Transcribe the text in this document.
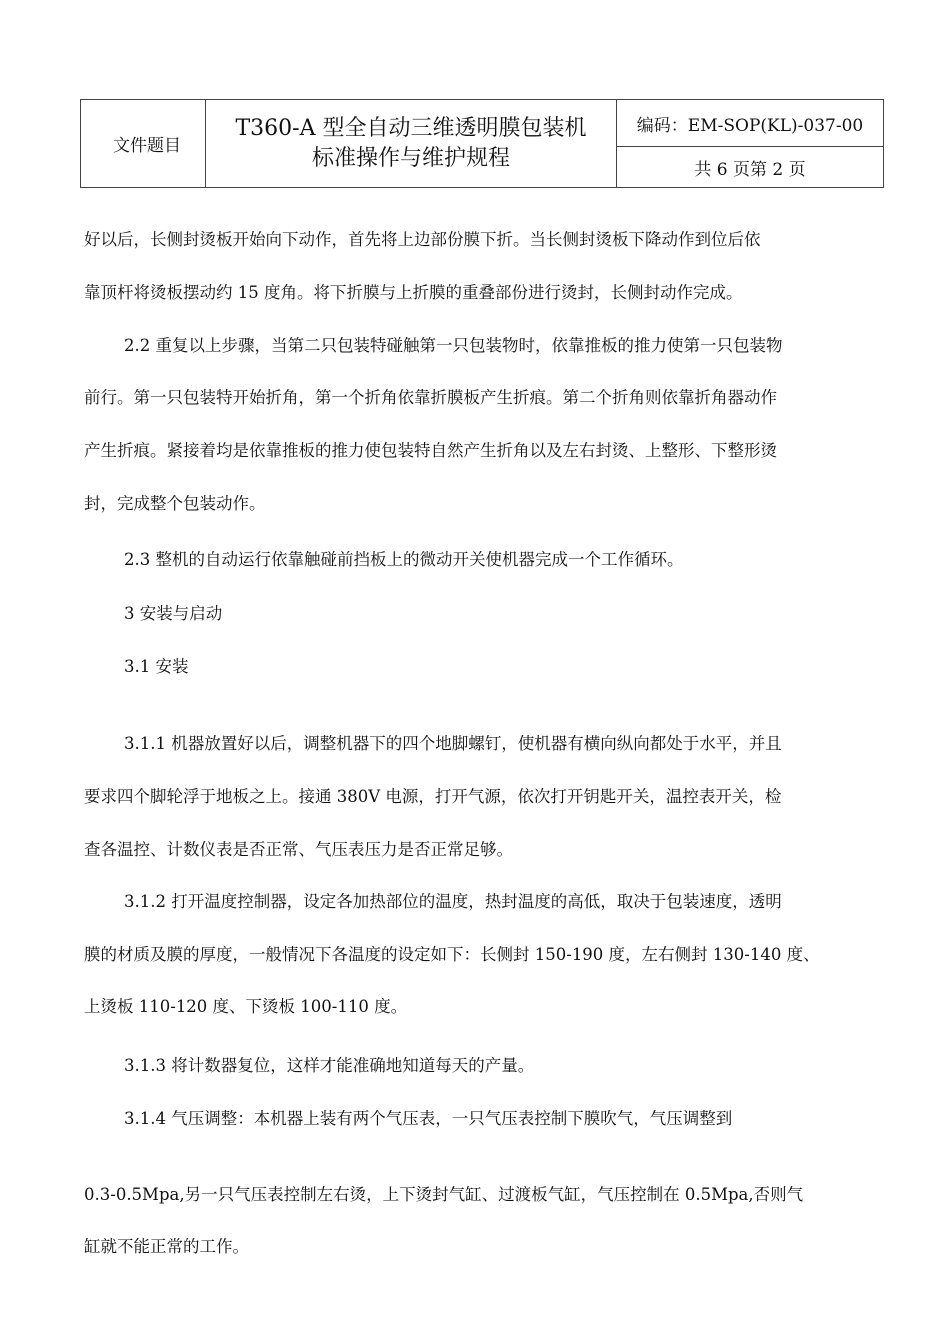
文件题目	
T360-A 型全自动三维透明膜包装机
标准操作与维护规程
	编码：EM-SOP(KL)-037-00
共 6 页第 2 页
好以后，长侧封烫板开始向下动作，首先将上边部份膜下折。当长侧封烫板下降动作到位后依
靠顶杆将烫板摆动约 15 度角。将下折膜与上折膜的重叠部份进行烫封，长侧封动作完成。
2.2 重复以上步骤，当第二只包装特碰触第一只包装物时，依靠推板的推力使第一只包装物
前行。第一只包装特开始折角，第一个折角依靠折膜板产生折痕。第二个折角则依靠折角器动作
产生折痕。紧接着均是依靠推板的推力使包装特自然产生折角以及左右封烫、上整形、下整形烫
封，完成整个包装动作。
2.3 整机的自动运行依靠触碰前挡板上的微动开关使机器完成一个工作循环。
3 安装与启动
3.1 安装
3.1.1 机器放置好以后，调整机器下的四个地脚螺钉，使机器有横向纵向都处于水平，并且
要求四个脚轮浮于地板之上。接通 380V 电源，打开气源，依次打开钥匙开关，温控表开关，检
查各温控、计数仪表是否正常、气压表压力是否正常足够。
3.1.2 打开温度控制器，设定各加热部位的温度，热封温度的高低，取决于包装速度，透明
膜的材质及膜的厚度，一般情况下各温度的设定如下：长侧封 150-190 度，左右侧封 130-140 度、
上烫板 110-120 度、下烫板 100-110 度。
3.1.3 将计数器复位，这样才能准确地知道每天的产量。
3.1.4 气压调整：本机器上装有两个气压表，一只气压表控制下膜吹气，气压调整到
0.3-0.5Mpa,另一只气压表控制左右烫，上下烫封气缸、过渡板气缸，气压控制在 0.5Mpa,否则气
缸就不能正常的工作。
